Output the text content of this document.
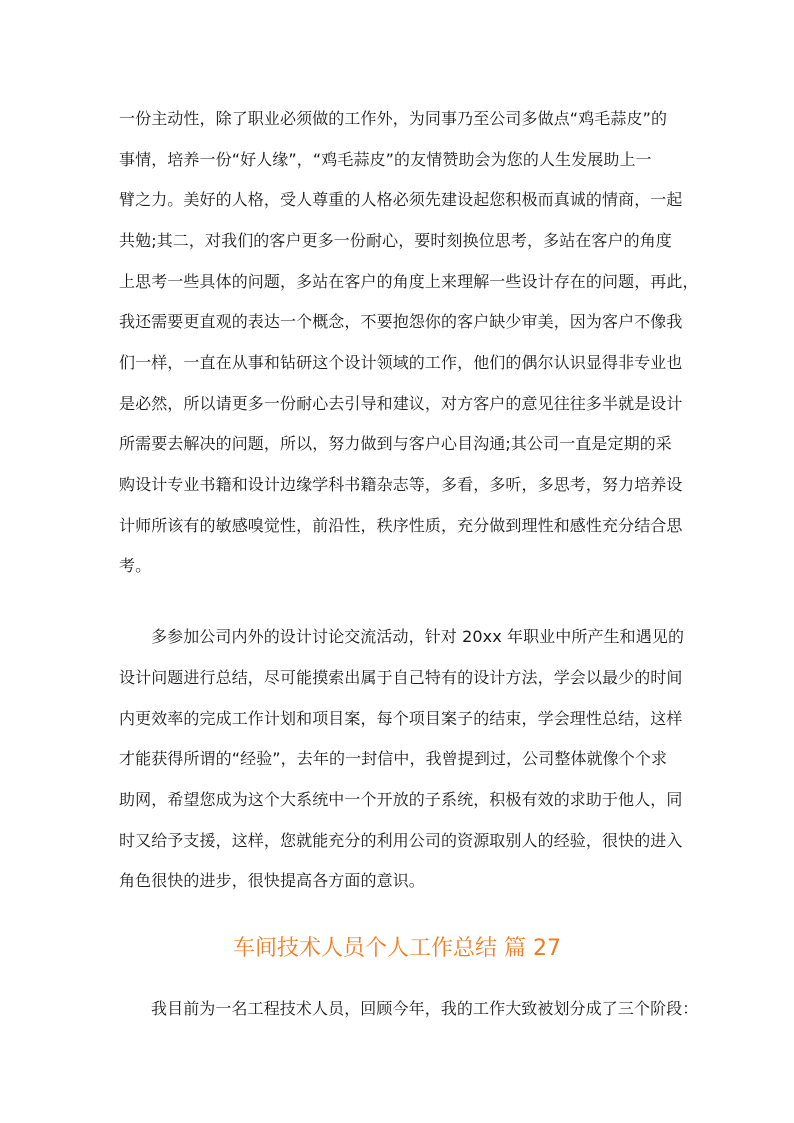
一份主动性，除了职业必须做的工作外，为同事乃至公司多做点“鸡毛蒜皮”的
事情，培养一份“好人缘”，“鸡毛蒜皮”的友情赞助会为您的人生发展助上一
臂之力。美好的人格，受人尊重的人格必须先建设起您积极而真诚的情商，一起
共勉;其二，对我们的客户更多一份耐心，要时刻换位思考，多站在客户的角度
上思考一些具体的问题，多站在客户的角度上来理解一些设计存在的问题，再此，
我还需要更直观的表达一个概念，不要抱怨你的客户缺少审美，因为客户不像我
们一样，一直在从事和钻研这个设计领域的工作，他们的偶尔认识显得非专业也
是必然，所以请更多一份耐心去引导和建议，对方客户的意见往往多半就是设计
所需要去解决的问题，所以，努力做到与客户心目沟通;其公司一直是定期的采
购设计专业书籍和设计边缘学科书籍杂志等，多看，多听，多思考，努力培养设
计师所该有的敏感嗅觉性，前沿性，秩序性质，充分做到理性和感性充分结合思
考。
多参加公司内外的设计讨论交流活动，针对 20xx 年职业中所产生和遇见的
设计问题进行总结，尽可能摸索出属于自己特有的设计方法，学会以最少的时间
内更效率的完成工作计划和项目案，每个项目案子的结束，学会理性总结，这样
才能获得所谓的“经验”，去年的一封信中，我曾提到过，公司整体就像个个求
助网，希望您成为这个大系统中一个开放的子系统，积极有效的求助于他人，同
时又给予支援，这样，您就能充分的利用公司的资源取别人的经验，很快的进入
角色很快的进步，很快提高各方面的意识。
车间技术人员个人工作总结 篇 27
我目前为一名工程技术人员，回顾今年，我的工作大致被划分成了三个阶段：
